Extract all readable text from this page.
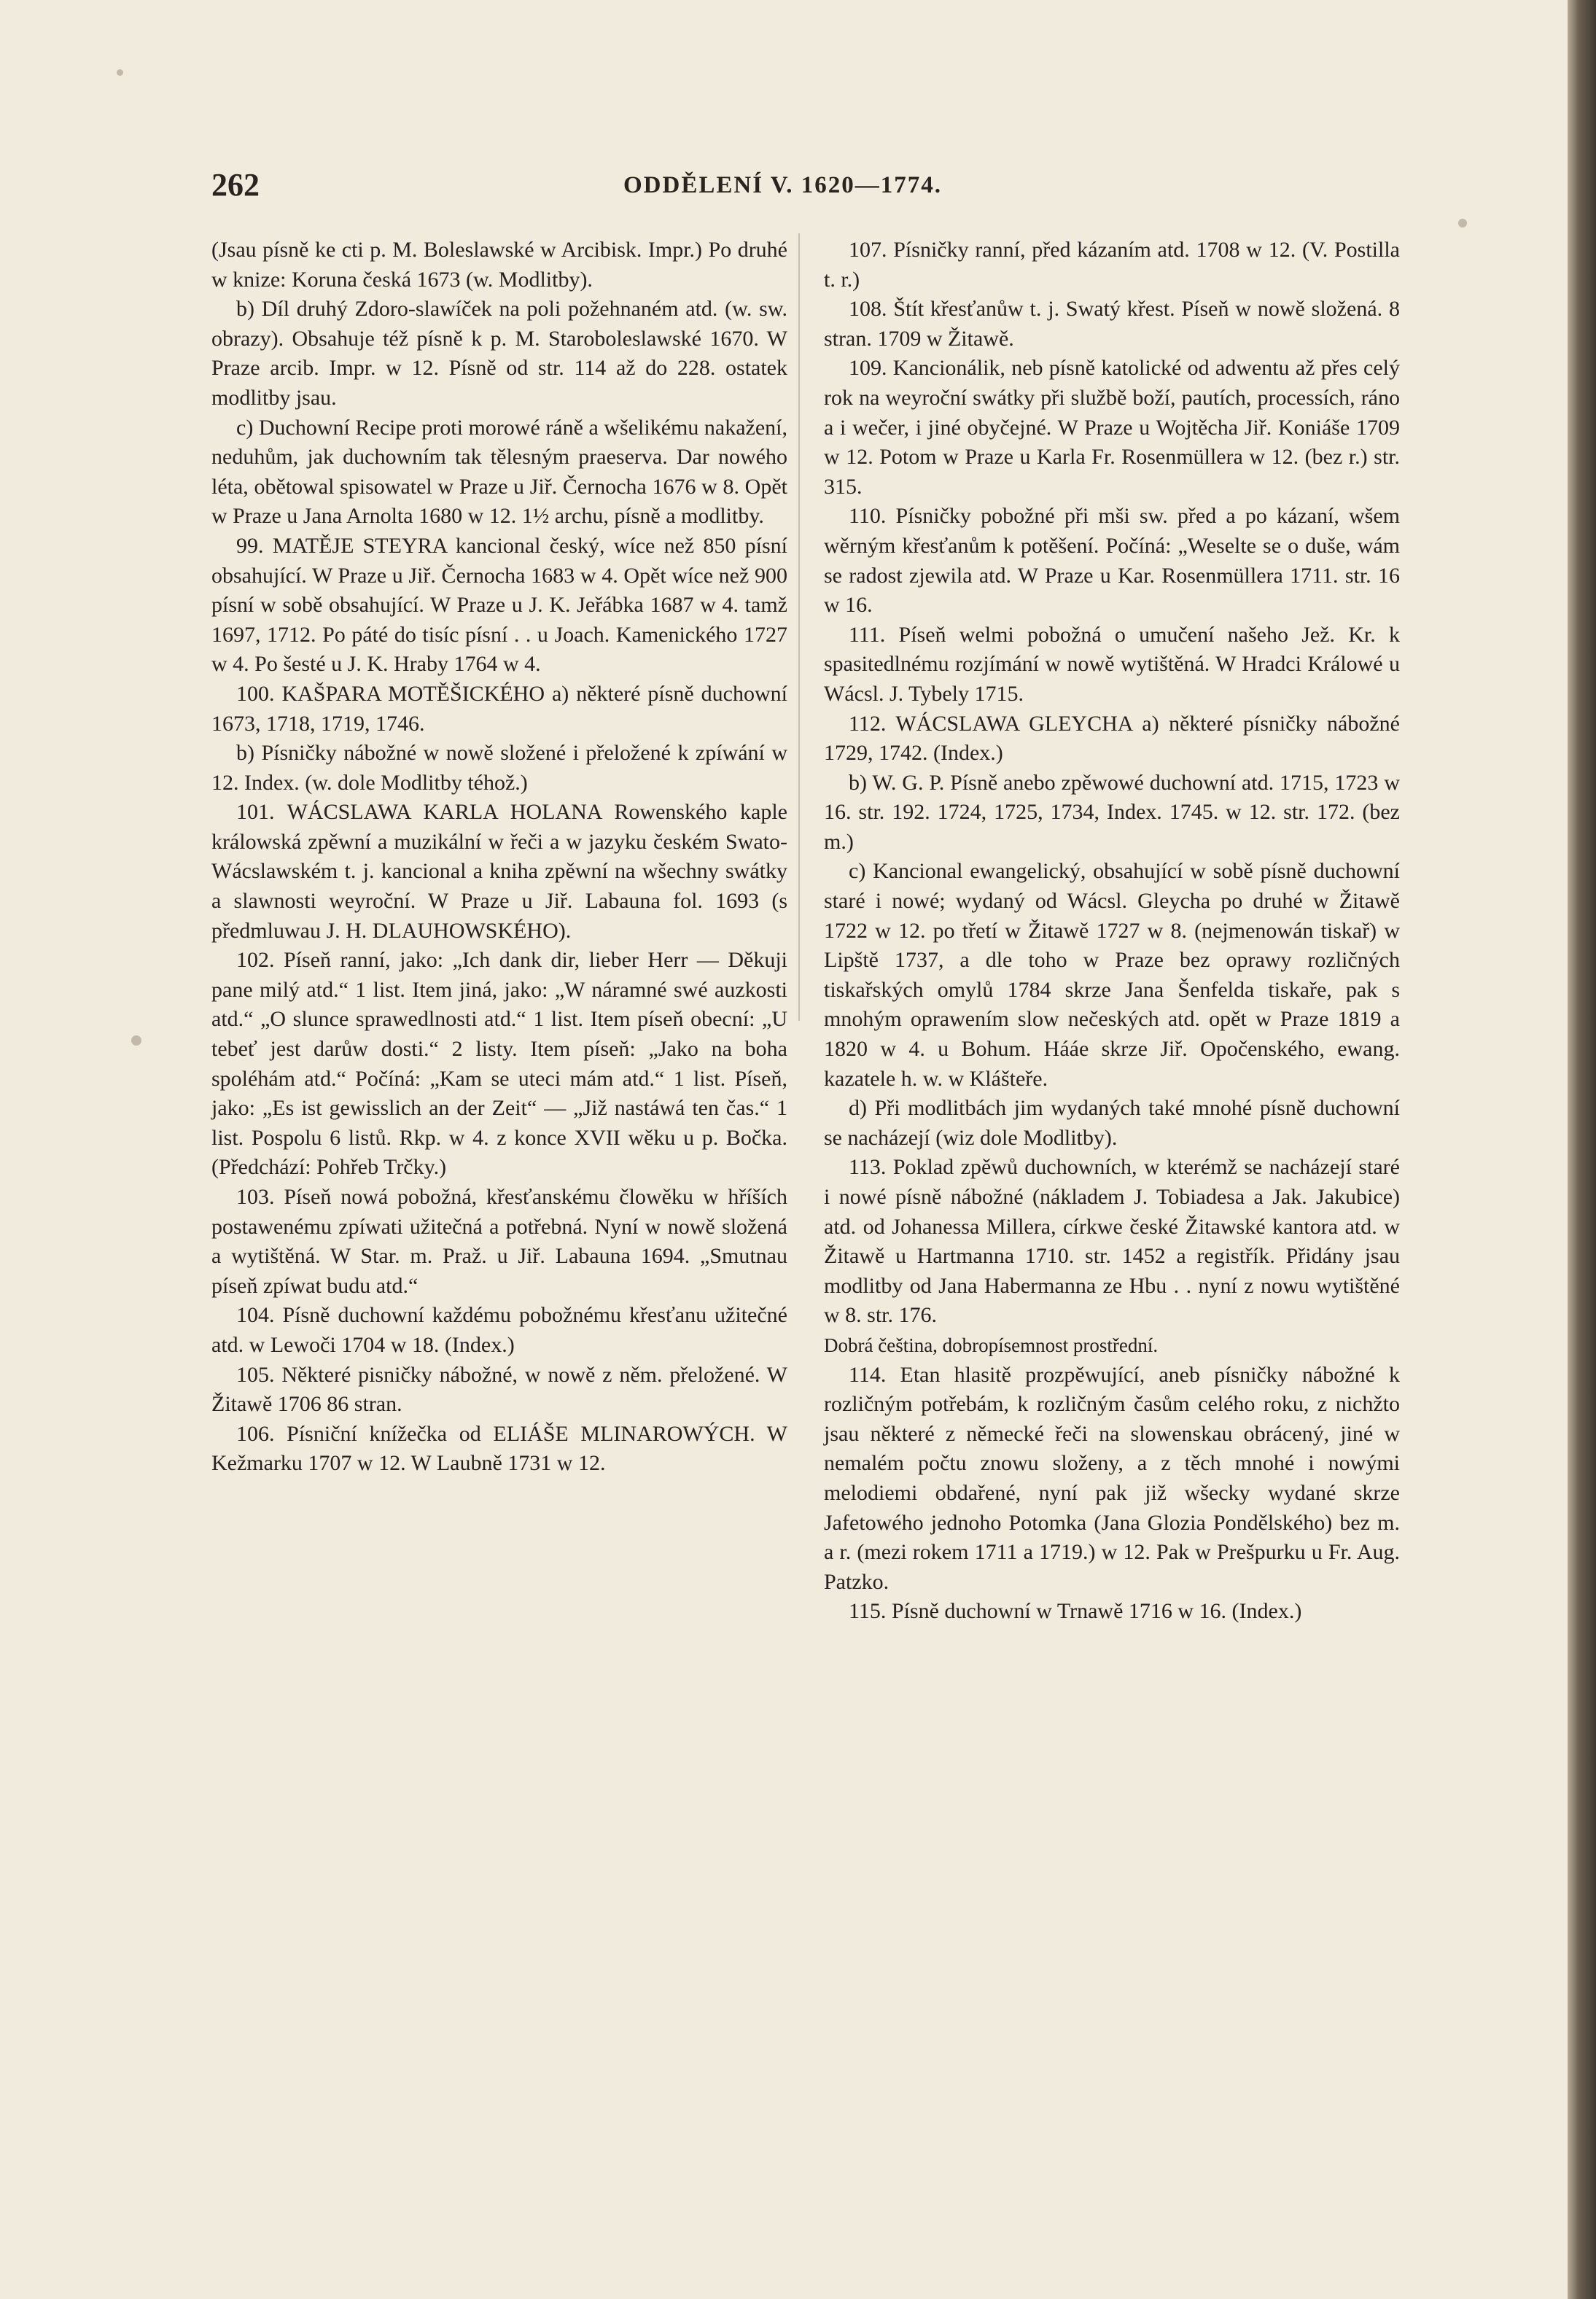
262	ODDĚLENÍ V. 1620—1774.

(Jsau písně ke cti p. M. Boleslawské w Arcibisk. Impr.) Po druhé w knize: Koruna česká 1673 (w. Modlitby).

b) Díl druhý Zdoro-slawíček na poli požehnaném atd. (w. sw. obrazy). Obsahuje též písně k p. M. Staroboleslawské 1670. W Praze arcib. Impr. w 12. Písně od str. 114 až do 228. ostatek modlitby jsau.

c) Duchowní Recipe proti morowé ráně a wšelikému nakažení, neduhům, jak duchowním tak tělesným praeserva. Dar nowého léta, obětowal spisowatel w Praze u Jiř. Černocha 1676 w 8. Opět w Praze u Jana Arnolta 1680 w 12. 1½ archu, písně a modlitby.

99. MATĚJE STEYRA kancional český, wíce než 850 písní obsahující. W Praze u Jiř. Černocha 1683 w 4. Opět wíce než 900 písní w sobě obsahující. W Praze u J. K. Jeřábka 1687 w 4. tamž 1697, 1712. Po páté do tisíc písní . . u Joach. Kamenického 1727 w 4. Po šesté u J. K. Hraby 1764 w 4.

100. KAŠPARA MOTĚŠICKÉHO a) některé písně duchowní 1673, 1718, 1719, 1746.

b) Písničky nábožné w nowě složené i přeložené k zpíwání w 12. Index. (w. dole Modlitby téhož.)

101. WÁCSLAWA KARLA HOLANA Rowenského kaple králowská zpěwní a muzikální w řeči a w jazyku českém Swato-Wácslawském t. j. kancional a kniha zpěwní na wšechny swátky a slawnosti weyroční. W Praze u Jiř. Labauna fol. 1693 (s předmluwau J. H. DLAUHOWSKÉHO).

102. Píseň ranní, jako: „Ich dank dir, lieber Herr — Děkuji pane milý atd.“ 1 list. Item jiná, jako: „W náramné swé auzkosti atd.“ „O slunce sprawedlnosti atd.“ 1 list. Item píseň obecní: „U tebeť jest darůw dosti.“ 2 listy. Item píseň: „Jako na boha spoléhám atd.“ Počíná: „Kam se uteci mám atd.“ 1 list. Píseň, jako: „Es ist gewisslich an der Zeit“ — „Již nastáwá ten čas.“ 1 list. Pospolu 6 listů. Rkp. w 4. z konce XVII wěku u p. Bočka. (Předchází: Pohřeb Trčky.)

103. Píseň nowá pobožná, křesťanskému člowěku w hříších postawenému zpíwati užitečná a potřebná. Nyní w nowě složená a wytištěná. W Star. m. Praž. u Jiř. Labauna 1694. „Smutnau píseň zpíwat budu atd.“

104. Písně duchowní každému pobožnému křesťanu užitečné atd. w Lewoči 1704 w 18. (Index.)

105. Některé pisničky nábožné, w nowě z něm. přeložené. W Žitawě 1706 86 stran.

106. Písniční knížečka od ELIÁŠE MLINAROWÝCH. W Kežmarku 1707 w 12. W Laubně 1731 w 12.

107. Písničky ranní, před kázaním atd. 1708 w 12. (V. Postilla t. r.)

108. Štít křesťanůw t. j. Swatý křest. Píseň w nowě složená. 8 stran. 1709 w Žitawě.

109. Kancionálik, neb písně katolické od adwentu až přes celý rok na weyroční swátky při službě boží, pautích, processích, ráno a i wečer, i jiné obyčejné. W Praze u Wojtěcha Jiř. Koniáše 1709 w 12. Potom w Praze u Karla Fr. Rosenmüllera w 12. (bez r.) str. 315.

110. Písničky pobožné při mši sw. před a po kázaní, wšem wěrným křesťanům k potěšení. Počíná: „Weselte se o duše, wám se radost zjewila atd. W Praze u Kar. Rosenmüllera 1711. str. 16 w 16.

111. Píseň welmi pobožná o umučení našeho Jež. Kr. k spasitedlnému rozjímání w nowě wytištěná. W Hradci Králowé u Wácsl. J. Tybely 1715.

112. WÁCSLAWA GLEYCHA a) některé písničky nábožné 1729, 1742. (Index.)

b) W. G. P. Písně anebo zpěwowé duchowní atd. 1715, 1723 w 16. str. 192. 1724, 1725, 1734, Index. 1745. w 12. str. 172. (bez m.)

c) Kancional ewangelický, obsahující w sobě písně duchowní staré i nowé; wydaný od Wácsl. Gleycha po druhé w Žitawě 1722 w 12. po třetí w Žitawě 1727 w 8. (nejmenowán tiskař) w Lipště 1737, a dle toho w Praze bez oprawy rozličných tiskařských omylů 1784 skrze Jana Šenfelda tiskaře, pak s mnohým oprawením slow nečeských atd. opět w Praze 1819 a 1820 w 4. u Bohum. Hááe skrze Jiř. Opočenského, ewang. kazatele h. w. w Klášteře.

d) Při modlitbách jim wydaných také mnohé písně duchowní se nacházejí (wiz dole Modlitby).

113. Poklad zpěwů duchowních, w kterémž se nacházejí staré i nowé písně nábožné (nákladem J. Tobiadesa a Jak. Jakubice) atd. od Johanessa Millera, církwe české Žitawské kantora atd. w Žitawě u Hartmanna 1710. str. 1452 a registřík. Přidány jsau modlitby od Jana Habermanna ze Hbu . . nyní z nowu wytištěné w 8. str. 176.

Dobrá čeština, dobropísemnost prostřední.

114. Etan hlasitě prozpěwující, aneb písničky nábožné k rozličným potřebám, k rozličným časům celého roku, z nichžto jsau některé z německé řeči na slowenskau obrácený, jiné w nemalém počtu znowu složeny, a z těch mnohé i nowými melodiemi obdařené, nyní pak již wšecky wydané skrze Jafetowého jednoho Potomka (Jana Glozia Pondělského) bez m. a r. (mezi rokem 1711 a 1719.) w 12. Pak w Prešpurku u Fr. Aug. Patzko.

115. Písně duchowní w Trnawě 1716 w 16. (Index.)
